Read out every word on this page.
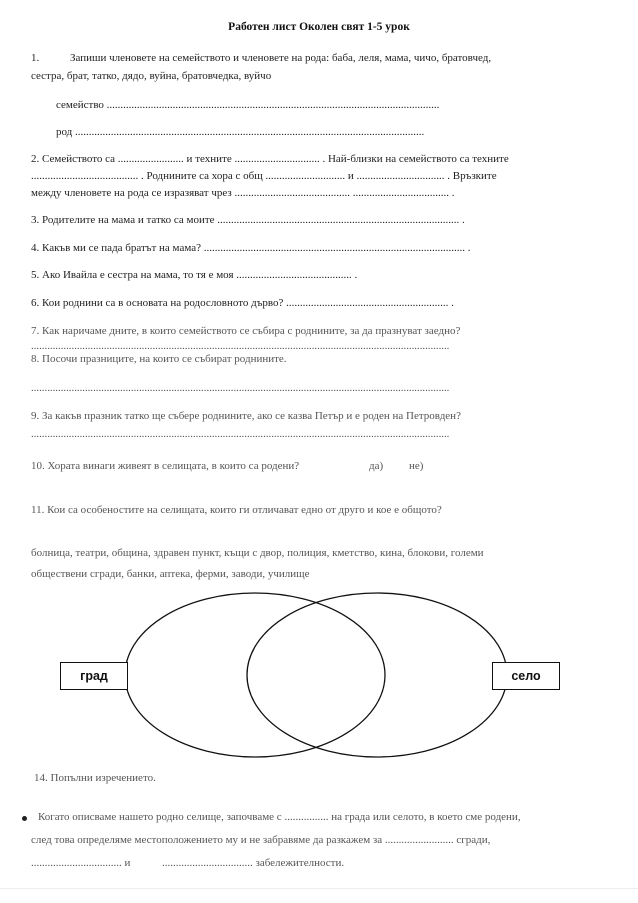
Работен лист Околен свят 1-5 урок
1.	Запиши членовете на семейството и членовете на рода: баба, леля, мама, чичо, братовчед,
сестра, брат, татко, дядо, вуйна, братовчедка, вуйчо
семейство .........................................................................................................................
род ...............................................................................................................................
2. Семейството са ........................ и техните ............................... . Най-близки на семейството са техните
....................................... . Роднините са хора с общ ............................. и ................................ . Връзките
между членовете на рода се изразяват чрез .......................................... ................................... .
3. Родителите на мама и татко са моите ........................................................................................ .
4. Какъв ми се пада братът на мама? ............................................................................................... .
5. Ако Ивайла е сестра на мама, то тя е моя .......................................... .
6. Кои роднини са в основата на родословното дърво? ........................................................... .
7. Как наричаме дните, в които семейството се събира с роднините, за да празнуват заедно?
...........................................................................................................................................................
8. Посочи празниците, на които се събират роднините.
...........................................................................................................................................................
9. За какъв празник татко ще събере роднините, ако се казва Петър и е роден на Петровден?
...........................................................................................................................................................
10. Хората винаги живеят в селищата, в които са родени?	да) не)
11. Кои са особеностите на селищата, които ги отличават едно от друго и кое е общото?
болница, театри, община, здравен пункт, къщи с двор, полиция, кметство, кина, блокови, големи
обществени сгради, банки, аптека, ферми, заводи, училище
град	село
14. Попълни изречението.
Когато описваме нашето родно селище, започваме с ................ на града или селото, в което сме родени,
след това определяме местоположението му и не забравяме да разкажем за ......................... сгради,
................................. и	................................. забележителности.
